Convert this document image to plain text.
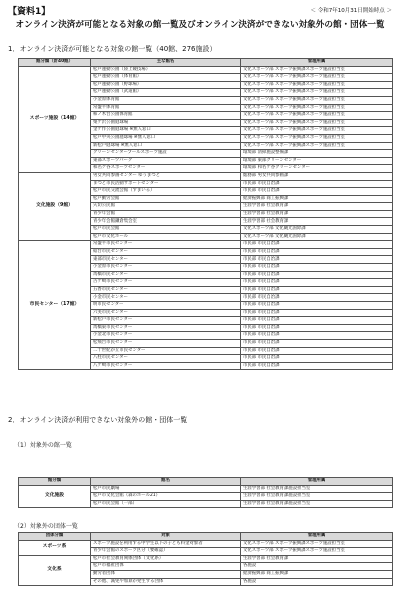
【資料1】	＜ 令和7年10月31日開始時点 ＞
オンライン決済が可能となる対象の館一覧及びオンライン決済ができない対象外の館・団体一覧
1．オンライン決済が可能となる対象の館一覧（40館、276施設）
館分類（計40館）	主な館名	管理所属
スポーツ施設（14館）	松戸運動公園（陸上競技場）	文化スポーツ部 スポーツ振興課スポーツ施設担当室
	松戸運動公園（体育館）	文化スポーツ部 スポーツ振興課スポーツ施設担当室
	松戸運動公園（野球場）	文化スポーツ部 スポーツ振興課スポーツ施設担当室
	松戸運動公園（武道館）	文化スポーツ部 スポーツ振興課スポーツ施設担当室
	小金原体育館	文化スポーツ部 スポーツ振興課スポーツ施設担当室
	常盤平体育館	文化スポーツ部 スポーツ振興課スポーツ施設担当室
	柿ノ木台公園体育館	文化スポーツ部 スポーツ振興課スポーツ施設担当室
	栗ケ沢公園庭球場	文化スポーツ部 スポーツ振興課スポーツ施設担当室
	金ケ作公園庭球場 ※無人窓口	文化スポーツ部 スポーツ振興課スポーツ施設担当室
	松戸中央公園庭球場 ※無人窓口	文化スポーツ部 スポーツ振興課スポーツ施設担当室
	新松戸庭球場 ※無人窓口	文化スポーツ部 スポーツ振興課スポーツ施設担当室
	クリーンセンタープールスポーツ施設	環境部 清掃施設整備課
	東部スポーツパーク	環境部 東部クリーンセンター
	和名ケ谷スポーツセンター	環境部 和名ケ谷クリーンセンター
文化施設（9館）	男女共同参画センター ゆうまつど	総務部 男女共同参画課
	まつど市民活動サポートセンター	市民部 市民自治課
	松戸市民交流会館（すまいる）	市民部 市民自治課
	松戸勤労会館	経済振興部 商工振興課
	矢切公民館	生涯学習部 社会教育課
	青少年会館	生涯学習部 社会教育課
	青少年会館鎌倉集会室	生涯学習部 社会教育課
	松戸市民会館	文化スポーツ部 文化観光国際課
	松戸市文化ホール	文化スポーツ部 文化観光国際課
市民センター（17館）	常盤平市民センター	市民部 市民自治課
	稔台市民センター	市民部 市民自治課
	東部市民センター	市民部 市民自治課
	小金原市民センター	市民部 市民自治課
	馬橋市民センター	市民部 市民自治課
	古ケ崎市民センター	市民部 市民自治課
	五香市民センター	市民部 市民自治課
	小金市民センター	市民部 市民自治課
	明市民センター	市民部 市民自治課
	六実市民センター	市民部 市民自治課
	新松戸市民センター	市民部 市民自治課
	馬橋東市民センター	市民部 市民自治課
	小金北市民センター	市民部 市民自治課
	松飛台市民センター	市民部 市民自治課
	二十世紀が丘市民センター	市民部 市民自治課
	八柱市民センター	市民部 市民自治課
	八ケ崎市民センター	市民部 市民自治課
2．オンライン決済が利用できない対象外の館・団体一覧
（1）対象外の館一覧
館分類	館名	管理所属
文化施設	松戸市民劇場	生涯学習部 社会教育課施設担当室
	松戸市文化会館（森のホール21）	生涯学習部 社会教育課施設担当室
	松戸市民会館（一部）	生涯学習部 社会教育課施設担当室
（2）対象外の団体一覧
団体分類	対象	管理所属
スポーツ系	スポーツ施設を利用する中学生以下の子ども料金対象者	文化スポーツ部 スポーツ振興課スポーツ施設担当室
	青少年会館のスポーツ区分（要確認）	文化スポーツ部 スポーツ振興課スポーツ施設担当室
文化系	松戸市社会教育関係団体（文化系）	生涯学習部 社会教育課
	松戸市福祉団体	各施設
	勤労者団体	経済振興部 商工振興課
	その他、減免や加算が発生する団体	各施設
